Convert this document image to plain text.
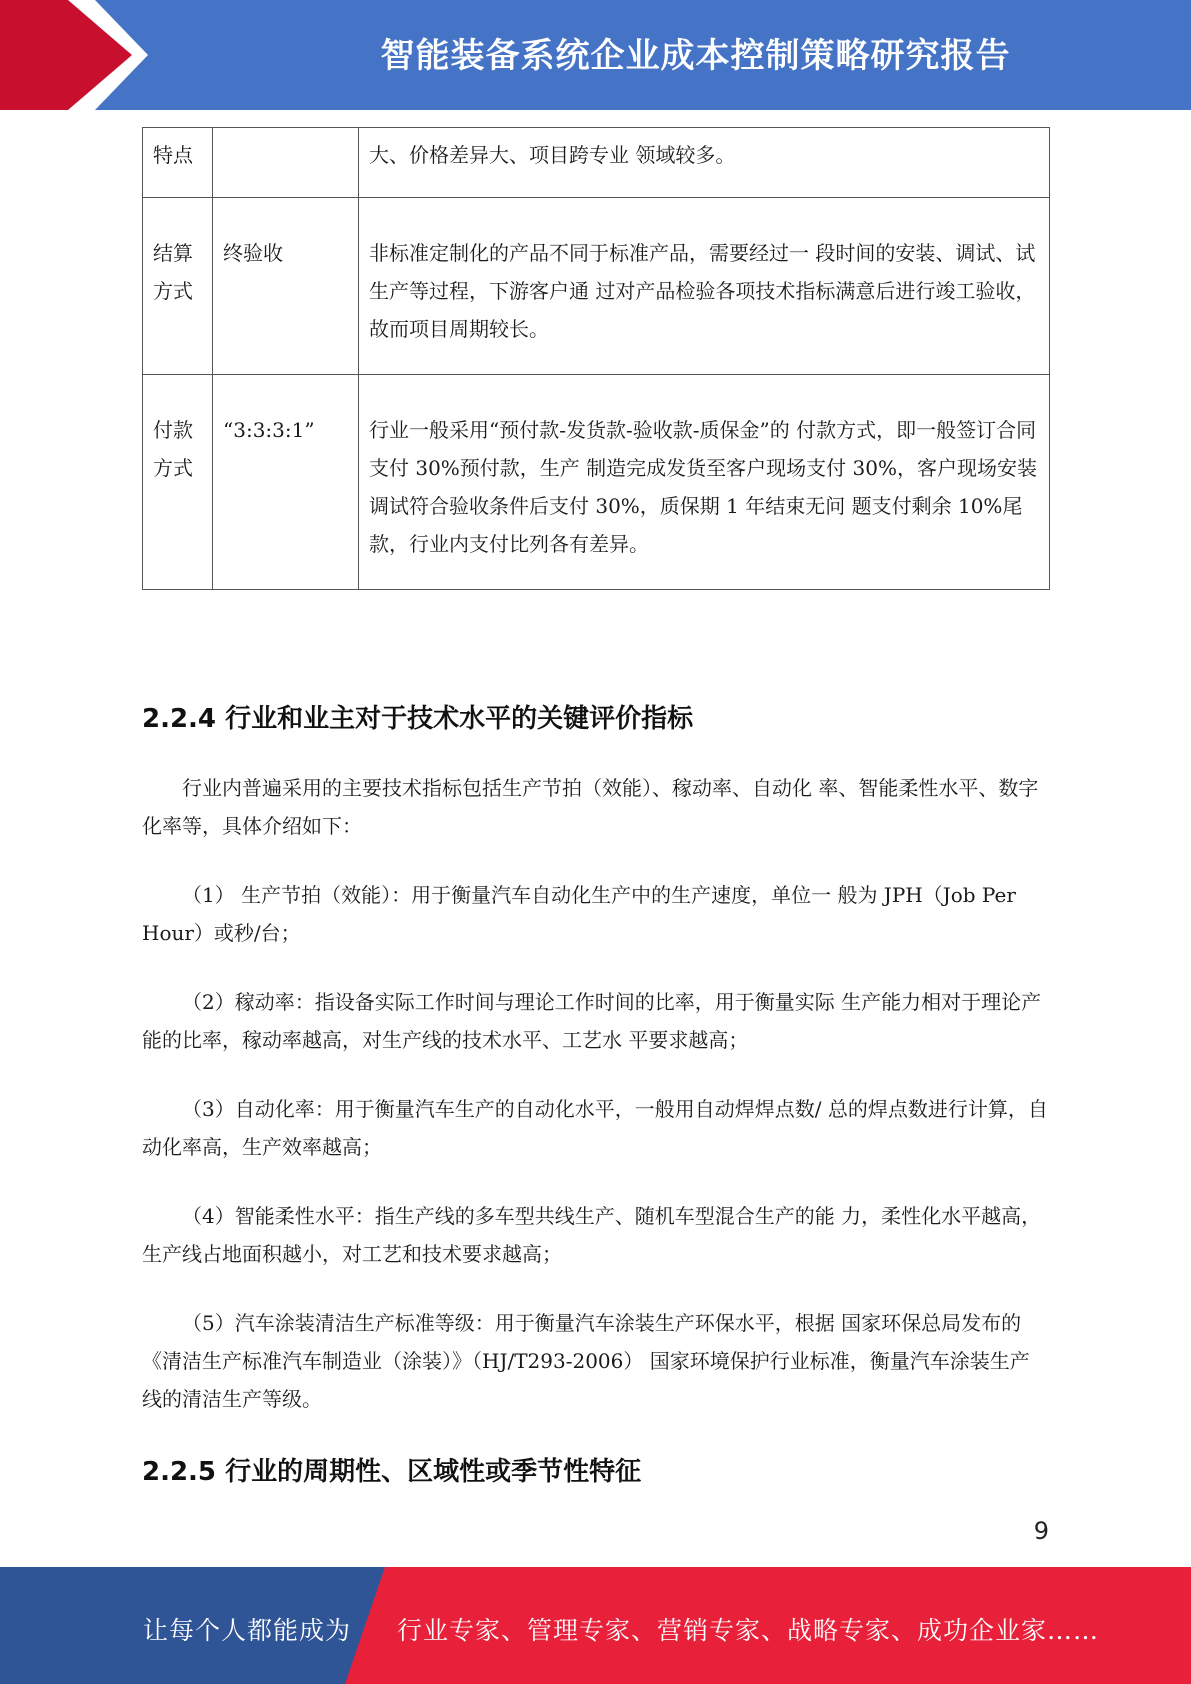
智能装备系统企业成本控制策略研究报告
特点		大、价格差异大、项目跨专业 领域较多。
结算方式	终验收	非标准定制化的产品不同于标准产品，需要经过一 段时间的安装、调试、试生产等过程，下游客户通 过对产品检验各项技术指标满意后进行竣工验收， 故而项目周期较长。
付款方式	“3:3:3:1”	行业一般采用“预付款-发货款-验收款-质保金”的 付款方式，即一般签订合同支付 30%预付款，生产 制造完成发货至客户现场支付 30%，客户现场安装 调试符合验收条件后支付 30%，质保期 1 年结束无问 题支付剩余 10%尾款，行业内支付比列各有差异。
2.2.4 行业和业主对于技术水平的关键评价指标
行业内普遍采用的主要技术指标包括生产节拍（效能）、稼动率、自动化 率、智能柔性水平、数字化率等，具体介绍如下：
（1） 生产节拍（效能）：用于衡量汽车自动化生产中的生产速度，单位一 般为 JPH（Job Per Hour）或秒/台；
（2）稼动率：指设备实际工作时间与理论工作时间的比率，用于衡量实际 生产能力相对于理论产能的比率，稼动率越高，对生产线的技术水平、工艺水 平要求越高；
（3）自动化率：用于衡量汽车生产的自动化水平，一般用自动焊焊点数/ 总的焊点数进行计算，自动化率高，生产效率越高；
（4）智能柔性水平：指生产线的多车型共线生产、随机车型混合生产的能 力，柔性化水平越高，生产线占地面积越小，对工艺和技术要求越高；
（5）汽车涂装清洁生产标准等级：用于衡量汽车涂装生产环保水平，根据 国家环保总局发布的《清洁生产标准汽车制造业（涂装）》（HJ/T293-2006） 国家环境保护行业标准，衡量汽车涂装生产线的清洁生产等级。
2.2.5 行业的周期性、区域性或季节性特征
9
让每个人都能成为 行业专家、管理专家、营销专家、战略专家、成功企业家……
